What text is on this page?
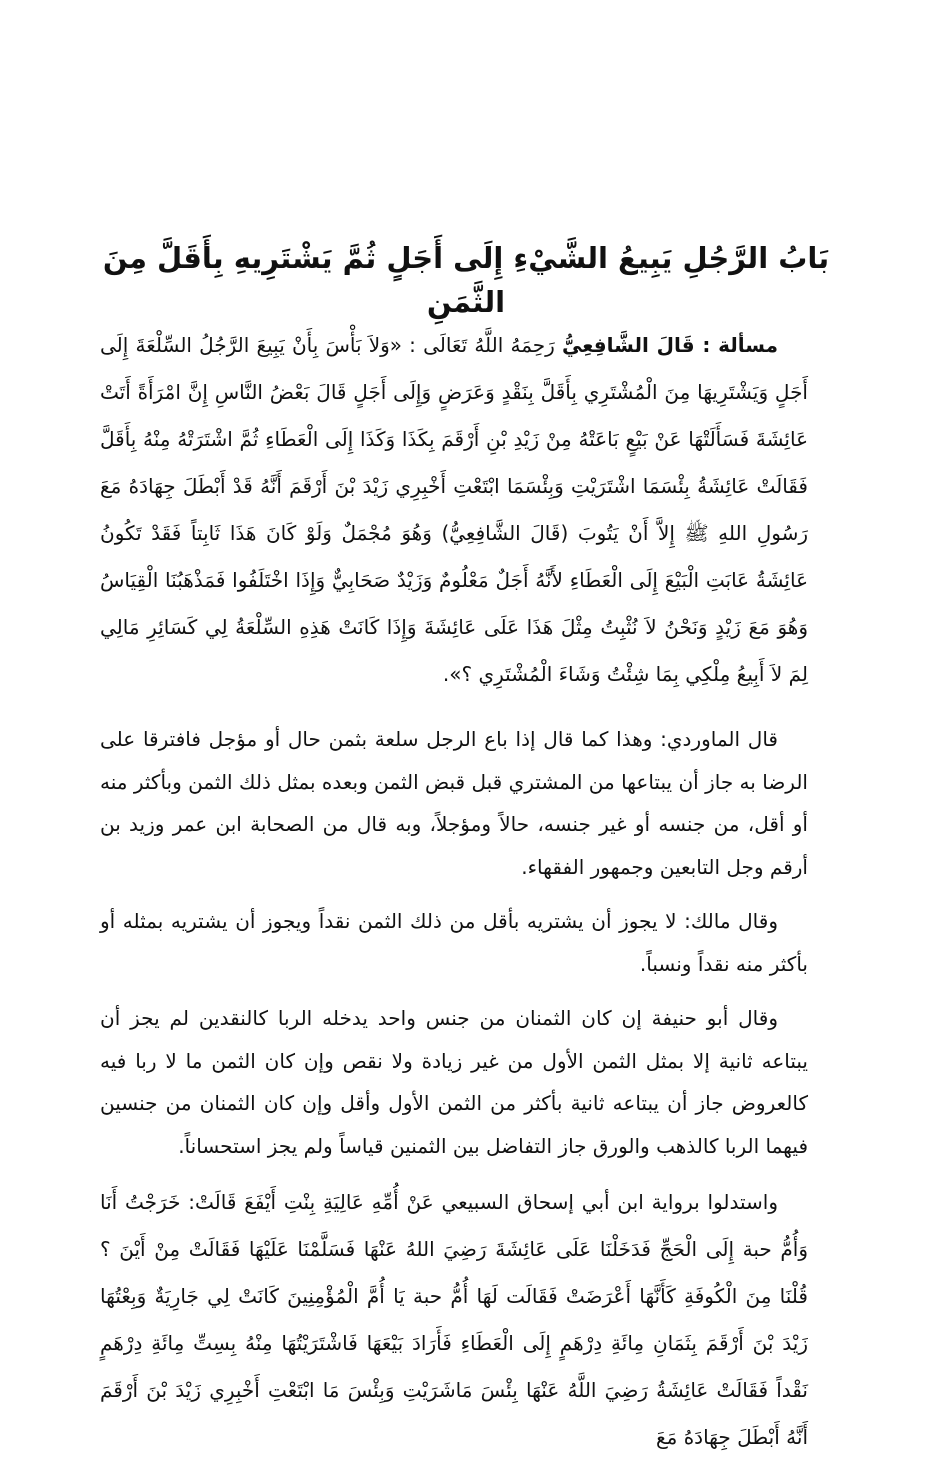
بَابُ الرَّجُلِ يَبِيعُ الشَّيْءِ إِلَى أَجَلٍ ثُمَّ يَشْتَرِيهِ بِأَقَلَّ مِنَ الثَّمَنِ

مسألة : قَالَ الشَّافِعِيُّ رَحِمَهُ اللَّهُ تَعَالَى : «وَلاَ بَأْسَ بِأَنْ يَبِيعَ الرَّجُلُ السِّلْعَةَ إِلَى أَجَلٍ وَيَشْتَرِيهَا مِنَ الْمُشْتَرِي بِأَقَلَّ بِنَقْدٍ وَعَرَضٍ وَإِلَى أَجَلٍ قَالَ بَعْضُ النَّاسِ إِنَّ امْرَأَةً أَتَتْ عَائِشَةَ فَسَأَلَتْهَا عَنْ بَيْعٍ بَاعَتْهُ مِنْ زَيْدِ بْنِ أَرْقَمَ بِكَذَا وَكَذَا إِلَى الْعَطَاءِ ثُمَّ اشْتَرَتْهُ مِنْهُ بِأَقَلَّ فَقَالَتْ عَائِشَةُ بِئْسَمَا اشْتَرَيْتِ وَبِئْسَمَا ابْتَعْتِ أَخْبِرِي زَيْدَ بْنَ أَرْقَمَ أَنَّهُ قَدْ أَبْطَلَ جِهَادَهُ مَعَ رَسُولِ اللهِ ﷺ إِلاَّ أَنْ يَتُوبَ (قَالَ الشَّافِعِيُّ) وَهُوَ مُجْمَلٌ وَلَوْ كَانَ هَذَا ثَابِتاً فَقَدْ تَكُونُ عَائِشَةُ عَابَتِ الْبَيْعَ إِلَى الْعَطَاءِ لأَنَّهُ أَجَلٌ مَعْلُومٌ وَزَيْدٌ صَحَابِيٌّ وَإِذَا اخْتَلَفُوا فَمَذْهَبُنَا الْقِيَاسُ وَهُوَ مَعَ زَيْدٍ وَنَحْنُ لاَ نُثْبِتُ مِثْلَ هَذَا عَلَى عَائِشَةَ وَإِذَا كَانَتْ هَذِهِ السِّلْعَةُ لِي كَسَائِرِ مَالِي لِمَ لاَ أَبِيعُ مِلْكِي بِمَا شِئْتُ وَشَاءَ الْمُشْتَرِي ؟».

قال الماوردي: وهذا كما قال إذا باع الرجل سلعة بثمن حال أو مؤجل فافترقا على الرضا به جاز أن يبتاعها من المشتري قبل قبض الثمن وبعده بمثل ذلك الثمن وبأكثر منه أو أقل، من جنسه أو غير جنسه، حالاً ومؤجلاً، وبه قال من الصحابة ابن عمر وزيد بن أرقم وجل التابعين وجمهور الفقهاء.

وقال مالك: لا يجوز أن يشتريه بأقل من ذلك الثمن نقداً ويجوز أن يشتريه بمثله أو بأكثر منه نقداً ونسباً.

وقال أبو حنيفة إن كان الثمنان من جنس واحد يدخله الربا كالنقدين لم يجز أن يبتاعه ثانية إلا بمثل الثمن الأول من غير زيادة ولا نقص وإن كان الثمن ما لا ربا فيه كالعروض جاز أن يبتاعه ثانية بأكثر من الثمن الأول وأقل وإن كان الثمنان من جنسين فيهما الربا كالذهب والورق جاز التفاضل بين الثمنين قياساً ولم يجز استحساناً.

واستدلوا برواية ابن أبي إسحاق السبيعي عَنْ أُمِّهِ عَالِيَةِ بِنْتِ أَيْفَعَ قَالَتْ: خَرَجْتُ أَنَا وَأُمُّ حبة إِلَى الْحَجِّ فَدَخَلْنَا عَلَى عَائِشَةَ رَضِيَ اللهُ عَنْهَا فَسَلَّمْنَا عَلَيْهَا فَقَالَتْ مِنْ أَيْنَ ؟ قُلْنَا مِنَ الْكُوفَةِ كَأَنَّهَا أَعْرَضَتْ فَقَالَت لَهَا أُمُّ حبة يَا أُمَّ الْمُؤْمِنِينَ كَانَتْ لِي جَارِيَةٌ وَبِعْتُهَا زَيْدَ بْنَ أَرْقَمَ بِثَمَانِ مِائَةِ دِرْهَمٍ إِلَى الْعَطَاءِ فَأَرَادَ بَيْعَهَا فَاشْتَرَيْتُهَا مِنْهُ بِسِتِّ مِائَةِ دِرْهَمٍ نَقْداً فَقَالَتْ عَائِشَةُ رَضِيَ اللَّهُ عَنْهَا بِئْسَ مَاشَرَيْتِ وَبِئْسَ مَا ابْتَعْتِ أَخْبِرِي زَيْدَ بْنَ أَرْقَمَ أَنَّهُ أَبْطَلَ جِهَادَهُ مَعَ
